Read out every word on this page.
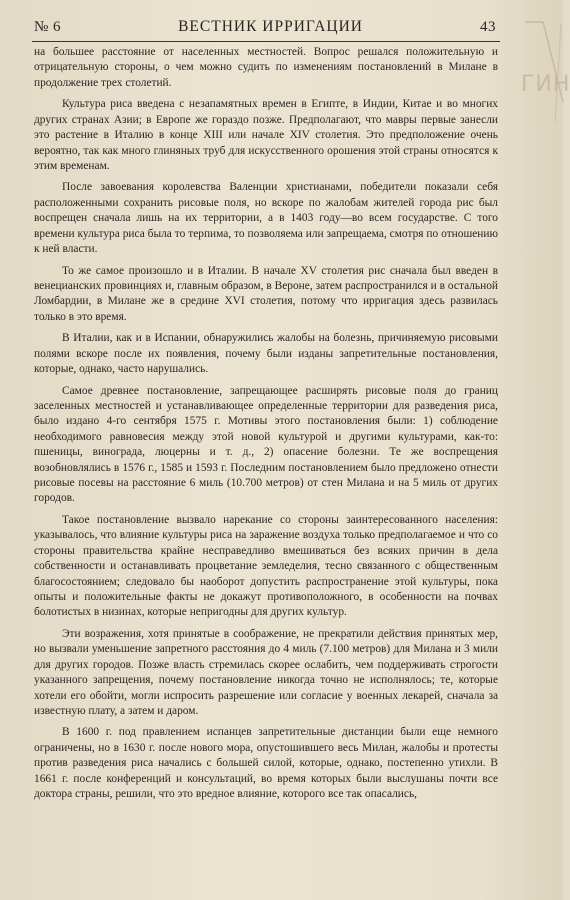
№ 6	ВЕСТНИК ИРРИГАЦИИ	43
ГИН

на большее расстояние от населенных местностей. Вопрос решался положительную и отрицательную стороны, о чем можно судить по изменениям постановлений в Милане в продолжение трех столетий.

Культура риса введена с незапамятных времен в Египте, в Индии, Китае и во многих других странах Азии; в Европе же гораздо позже. Предполагают, что мавры первые занесли это растение в Италию в конце XIII или начале XIV столетия. Это предположение очень вероятно, так как много глиняных труб для искусственного орошения этой страны относятся к этим временам.

После завоевания королевства Валенции христианами, победители показали себя расположенными сохранить рисовые поля, но вскоре по жалобам жителей города рис был воспрещен сначала лишь на их территории, а в 1403 году—во всем государстве. С того времени культура риса была то терпима, то позволяема или запрещаема, смотря по отношению к ней власти.

То же самое произошло и в Италии. В начале XV столетия рис сначала был введен в венецианских провинциях и, главным образом, в Вероне, затем распространился и в остальной Ломбардии, в Милане же в средине XVI столетия, потому что ирригация здесь развилась только в это время.

В Италии, как и в Испании, обнаружились жалобы на болезнь, причиняемую рисовыми полями вскоре после их появления, почему были изданы запретительные постановления, которые, однако, часто нарушались.

Самое древнее постановление, запрещающее расширять рисовые поля до границ заселенных местностей и устанавливающее определенные территории для разведения риса, было издано 4-го сентября 1575 г. Мотивы этого постановления были: 1) соблюдение необходимого равновесия между этой новой культурой и другими культурами, как-то: пшеницы, винограда, люцерны и т. д., 2) опасение болезни. Те же воспрещения возобновлялись в 1576 г., 1585 и 1593 г. Последним постановлением было предложено отнести рисовые посевы на расстояние 6 миль (10.700 метров) от стен Милана и на 5 миль от других городов.

Такое постановление вызвало нарекание со стороны заинтересованного населения: указывалось, что влияние культуры риса на заражение воздуха только предполагаемое и что со стороны правительства крайне несправедливо вмешиваться без всяких причин в дела собственности и останавливать процветание земледелия, тесно связанного с общественным благосостоянием; следовало бы наоборот допустить распространение этой культуры, пока опыты и положительные факты не докажут противоположного, в особенности на почвах болотистых в низинах, которые непригодны для других культур.

Эти возражения, хотя принятые в соображение, не прекратили действия принятых мер, но вызвали уменьшение запретного расстояния до 4 миль (7.100 метров) для Милана и 3 мили для других городов. Позже власть стремилась скорее ослабить, чем поддерживать строгости указанного запрещения, почему постановление никогда точно не исполнялось; те, которые хотели его обойти, могли испросить разрешение или согласие у военных лекарей, сначала за известную плату, а затем и даром.

В 1600 г. под правлением испанцев запретительные дистанции были еще немного ограничены, но в 1630 г. после нового мора, опустошившего весь Милан, жалобы и протесты против разведения риса начались с большей силой, которые, однако, постепенно утихли. В 1661 г. после конференций и консультаций, во время которых были выслушаны почти все доктора страны, решили, что это вредное влияние, которого все так опасались,
